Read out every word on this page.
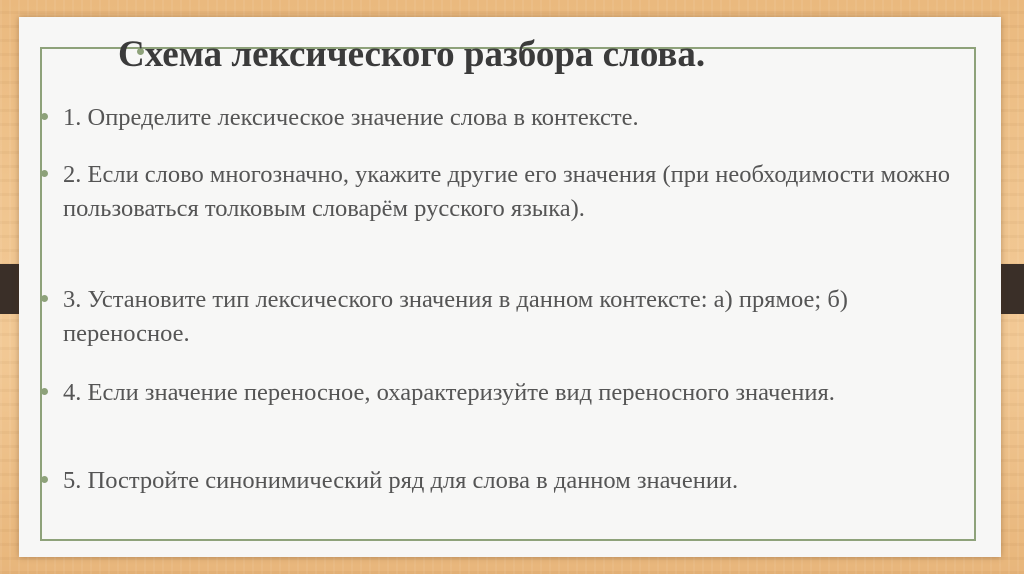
Схема лексического разбора слова.
1. Определите лексическое значение слова в контексте.
2. Если слово многозначно, укажите другие его значения (при необходимости можно пользоваться толковым словарём русского языка).
3. Установите тип лексического значения в данном контексте: а) прямое; б) переносное.
4. Если значение переносное, охарактеризуйте вид переносного значения.
5. Постройте синонимический ряд для слова в данном значении.
